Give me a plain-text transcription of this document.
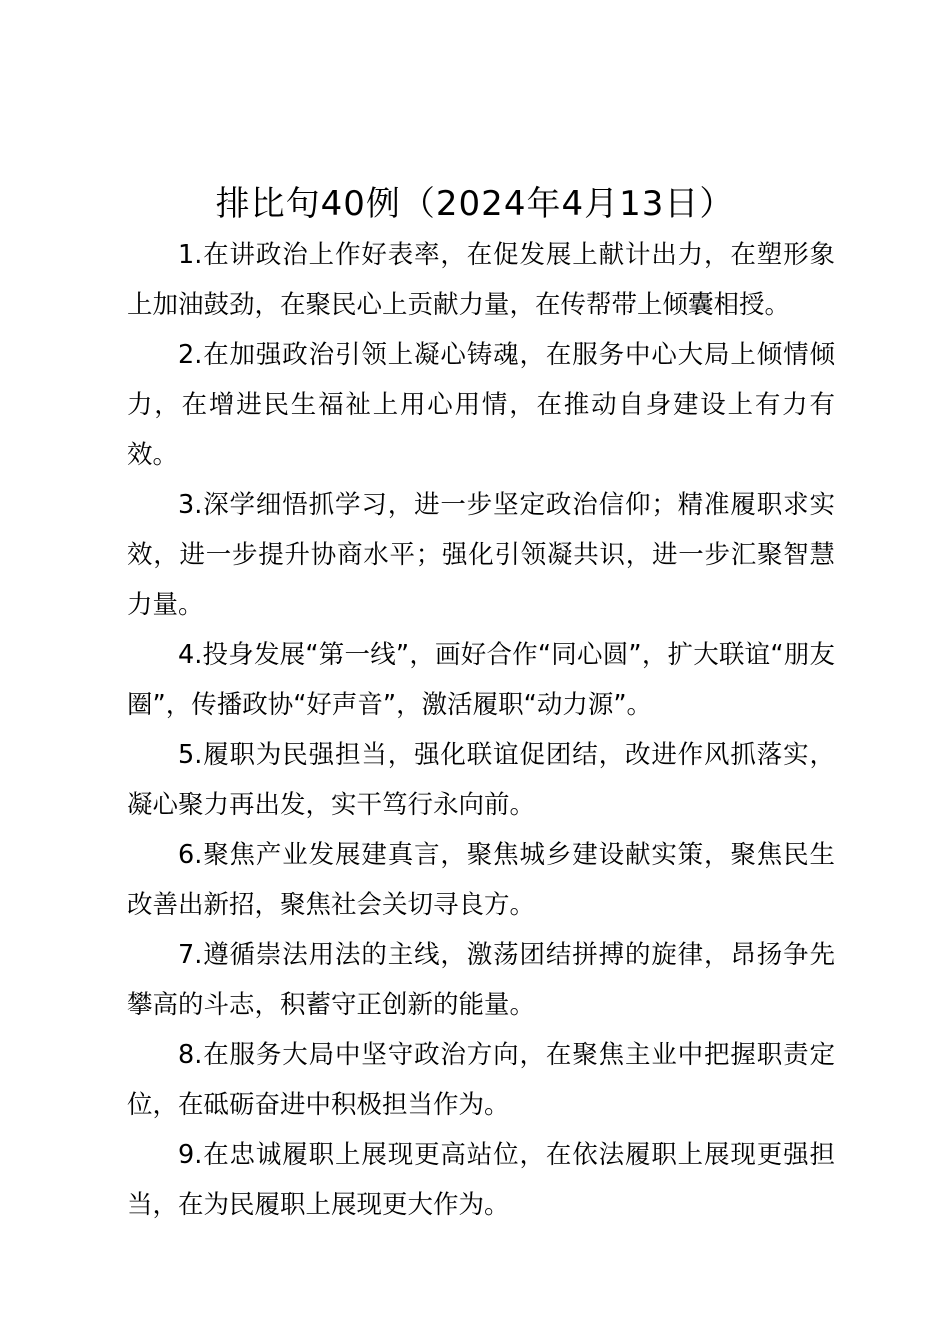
排比句40例（2024年4月13日）

1.在讲政治上作好表率，在促发展上献计出力，在塑形象上加油鼓劲，在聚民心上贡献力量，在传帮带上倾囊相授。

2.在加强政治引领上凝心铸魂，在服务中心大局上倾情倾力，在增进民生福祉上用心用情，在推动自身建设上有力有效。

3.深学细悟抓学习，进一步坚定政治信仰；精准履职求实效，进一步提升协商水平；强化引领凝共识，进一步汇聚智慧力量。

4.投身发展“第一线”，画好合作“同心圆”，扩大联谊“朋友圈”，传播政协“好声音”，激活履职“动力源”。

5.履职为民强担当，强化联谊促团结，改进作风抓落实，凝心聚力再出发，实干笃行永向前。

6.聚焦产业发展建真言，聚焦城乡建设献实策，聚焦民生改善出新招，聚焦社会关切寻良方。

7.遵循崇法用法的主线，激荡团结拼搏的旋律，昂扬争先攀高的斗志，积蓄守正创新的能量。

8.在服务大局中坚守政治方向，在聚焦主业中把握职责定位，在砥砺奋进中积极担当作为。

9.在忠诚履职上展现更高站位，在依法履职上展现更强担当，在为民履职上展现更大作为。
